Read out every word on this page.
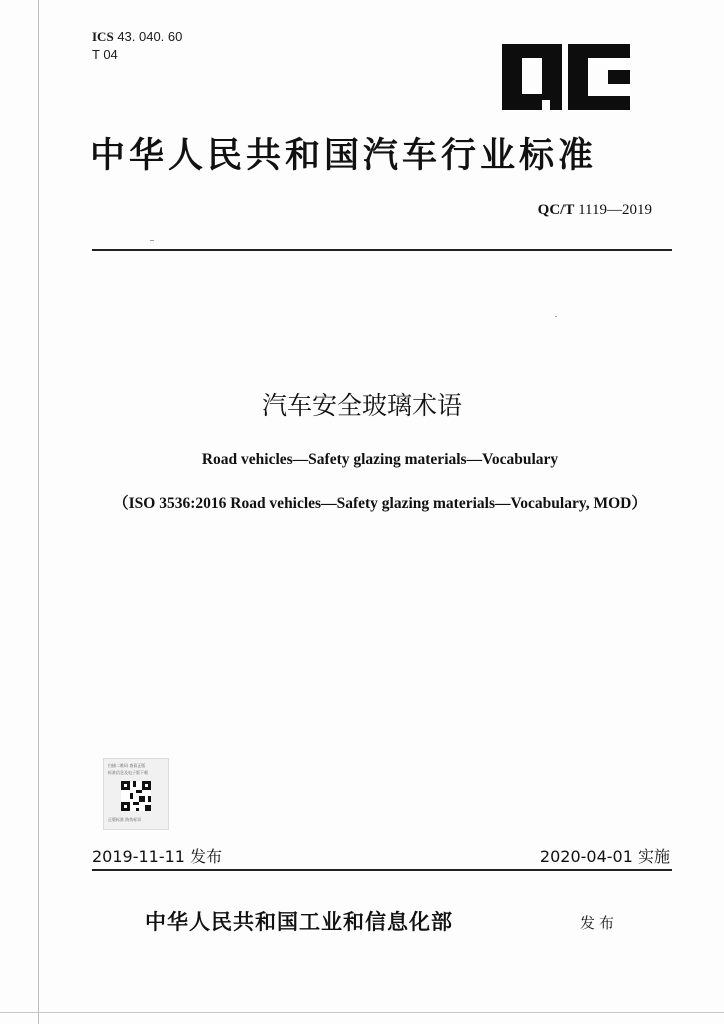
ICS 43. 040. 60
T 04
中华人民共和国汽车行业标准
QC/T 1119—2019
汽车安全玻璃术语
Road vehicles—Safety glazing materials—Vocabulary
（ISO 3536:2016 Road vehicles—Safety glazing materials—Vocabulary, MOD）
扫描二维码 查看正版
标准信息及电子版下载
正版标准 防伪标识
2019-11-11 发布	2020-04-01 实施
中华人民共和国工业和信息化部	发布
